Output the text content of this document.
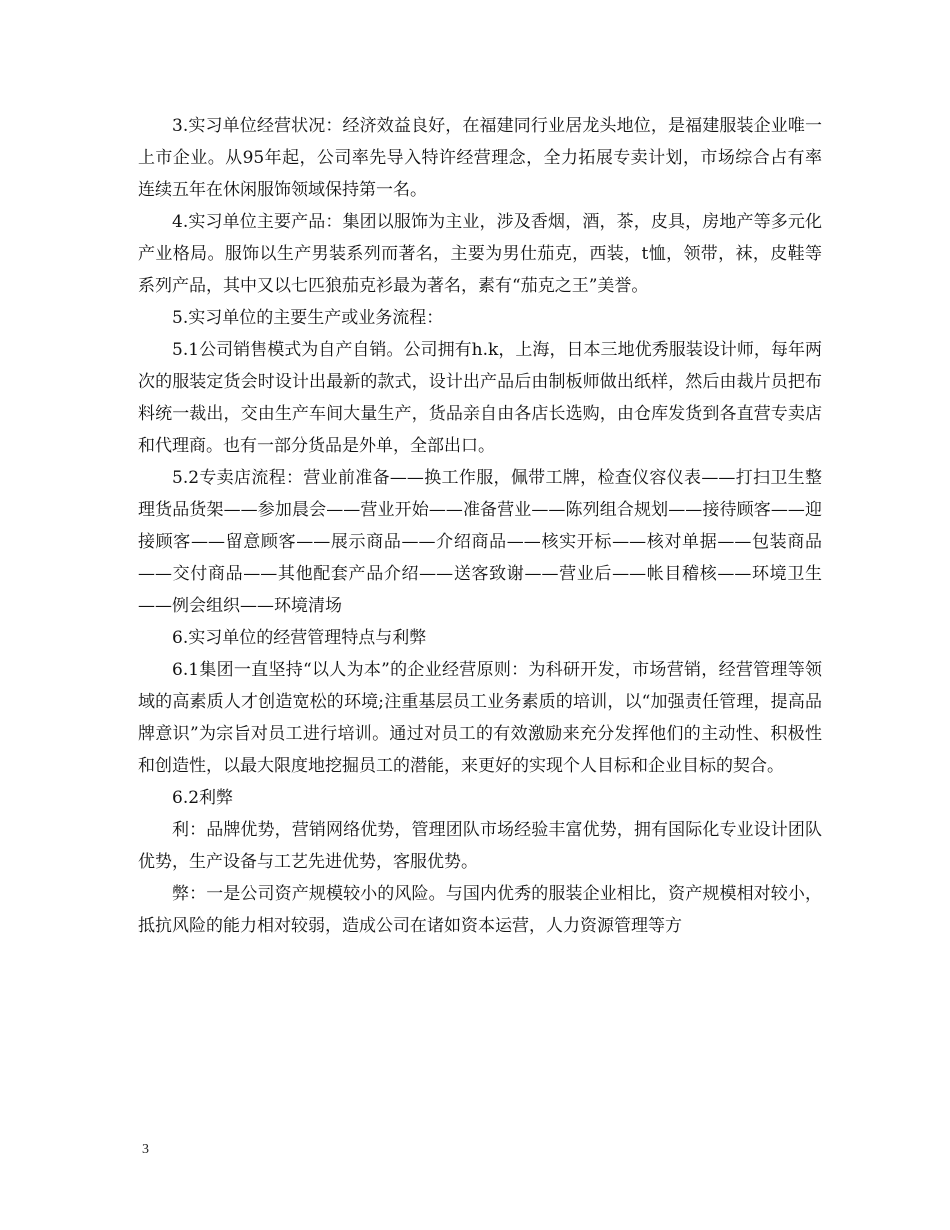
3.实习单位经营状况：经济效益良好，在福建同行业居龙头地位，是福建服装企业唯一上市企业。从95年起，公司率先导入特许经营理念，全力拓展专卖计划，市场综合占有率连续五年在休闲服饰领域保持第一名。

4.实习单位主要产品：集团以服饰为主业，涉及香烟，酒，茶，皮具，房地产等多元化产业格局。服饰以生产男装系列而著名，主要为男仕茄克，西装，t恤，领带，袜，皮鞋等系列产品，其中又以七匹狼茄克衫最为著名，素有“茄克之王”美誉。

5.实习单位的主要生产或业务流程：

5.1公司销售模式为自产自销。公司拥有h.k，上海，日本三地优秀服装设计师，每年两次的服装定货会时设计出最新的款式，设计出产品后由制板师做出纸样，然后由裁片员把布料统一裁出，交由生产车间大量生产，货品亲自由各店长选购，由仓库发货到各直营专卖店和代理商。也有一部分货品是外单，全部出口。

5.2专卖店流程：营业前准备——换工作服，佩带工牌，检查仪容仪表——打扫卫生整理货品货架——参加晨会——营业开始——准备营业——陈列组合规划——接待顾客——迎接顾客——留意顾客——展示商品——介绍商品——核实开标——核对单据——包装商品——交付商品——其他配套产品介绍——送客致谢——营业后——帐目稽核——环境卫生——例会组织——环境清场

6.实习单位的经营管理特点与利弊

6.1集团一直坚持“以人为本”的企业经营原则：为科研开发，市场营销，经营管理等领域的高素质人才创造宽松的环境;注重基层员工业务素质的培训，以“加强责任管理，提高品牌意识”为宗旨对员工进行培训。通过对员工的有效激励来充分发挥他们的主动性、积极性和创造性，以最大限度地挖掘员工的潜能，来更好的实现个人目标和企业目标的契合。

6.2利弊

利：品牌优势，营销网络优势，管理团队市场经验丰富优势，拥有国际化专业设计团队优势，生产设备与工艺先进优势，客服优势。

弊：一是公司资产规模较小的风险。与国内优秀的服装企业相比，资产规模相对较小，抵抗风险的能力相对较弱，造成公司在诸如资本运营，人力资源管理等方

3
